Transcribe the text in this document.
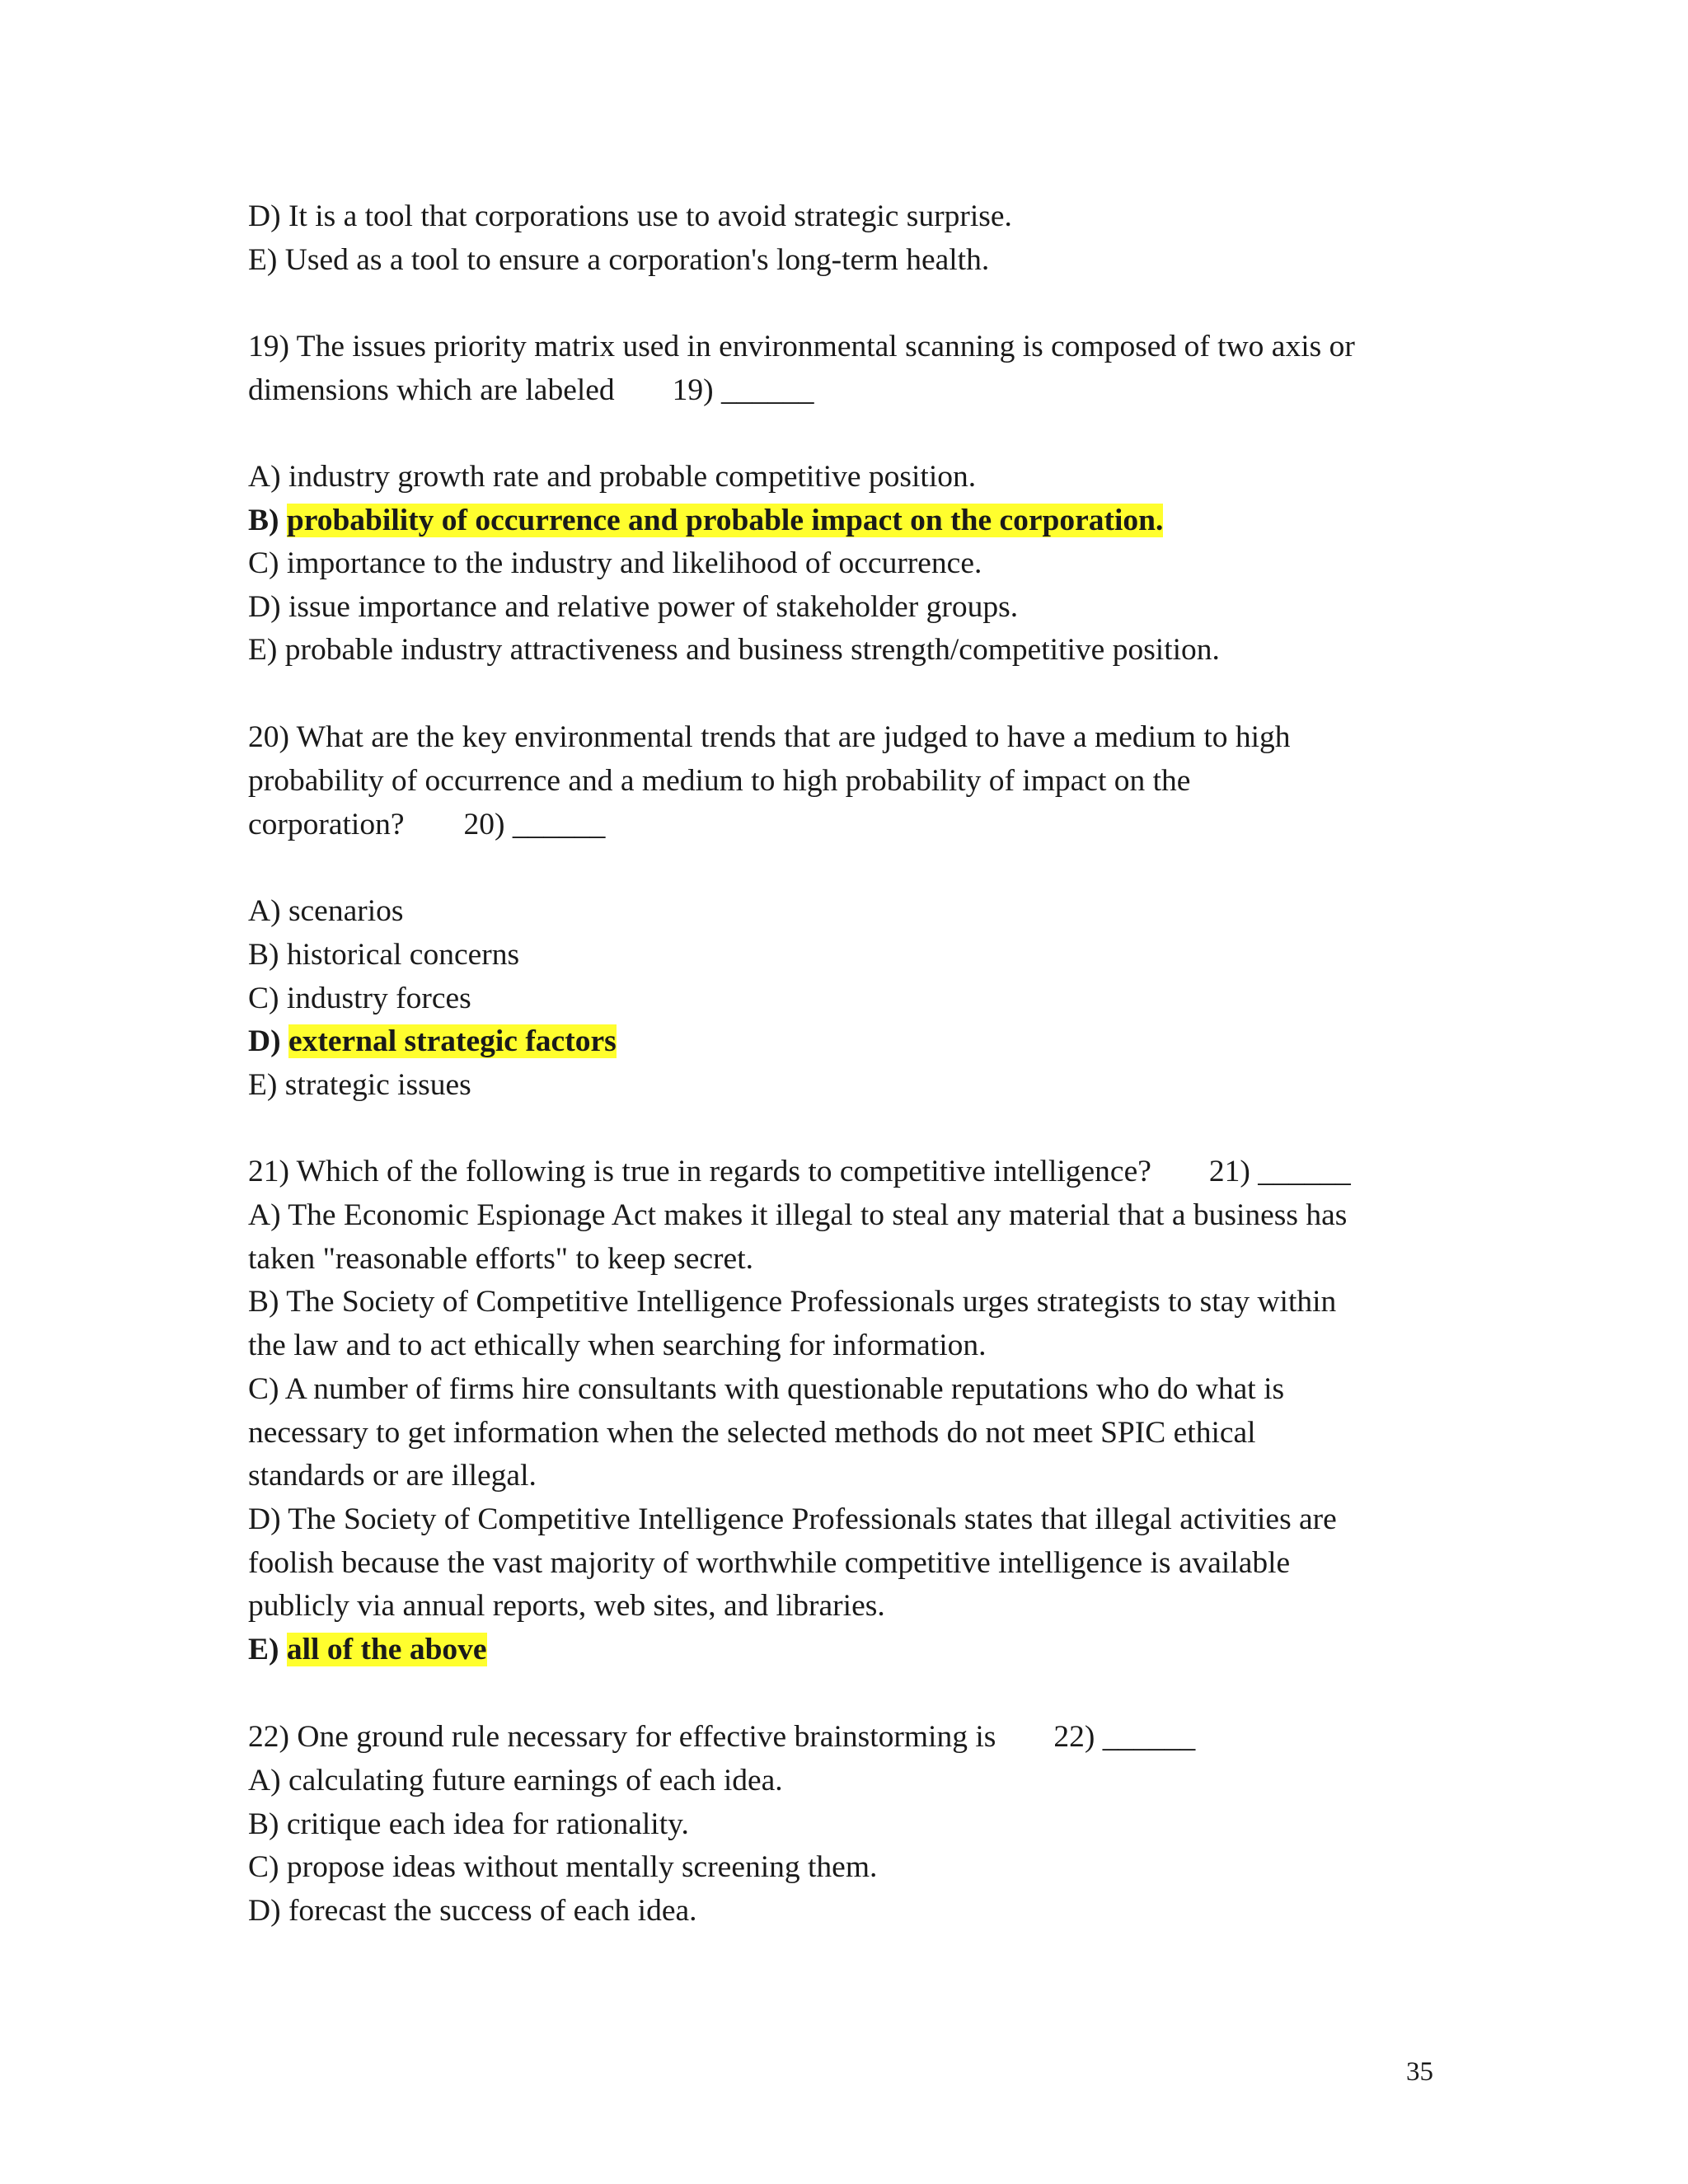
D) It is a tool that corporations use to avoid strategic surprise.
E) Used as a tool to ensure a corporation's long-term health.
19) The issues priority matrix used in environmental scanning is composed of two axis or
dimensions which are labeled 19) ______
A) industry growth rate and probable competitive position.
B) probability of occurrence and probable impact on the corporation.
C) importance to the industry and likelihood of occurrence.
D) issue importance and relative power of stakeholder groups.
E) probable industry attractiveness and business strength/competitive position.
20) What are the key environmental trends that are judged to have a medium to high
probability of occurrence and a medium to high probability of impact on the
corporation? 20) ______
A) scenarios
B) historical concerns
C) industry forces
D) external strategic factors
E) strategic issues
21) Which of the following is true in regards to competitive intelligence? 21) ______
A) The Economic Espionage Act makes it illegal to steal any material that a business has
taken "reasonable efforts" to keep secret.
B) The Society of Competitive Intelligence Professionals urges strategists to stay within
the law and to act ethically when searching for information.
C) A number of firms hire consultants with questionable reputations who do what is
necessary to get information when the selected methods do not meet SPIC ethical
standards or are illegal.
D) The Society of Competitive Intelligence Professionals states that illegal activities are
foolish because the vast majority of worthwhile competitive intelligence is available
publicly via annual reports, web sites, and libraries.
E) all of the above
22) One ground rule necessary for effective brainstorming is 22) ______
A) calculating future earnings of each idea.
B) critique each idea for rationality.
C) propose ideas without mentally screening them.
D) forecast the success of each idea.
35
